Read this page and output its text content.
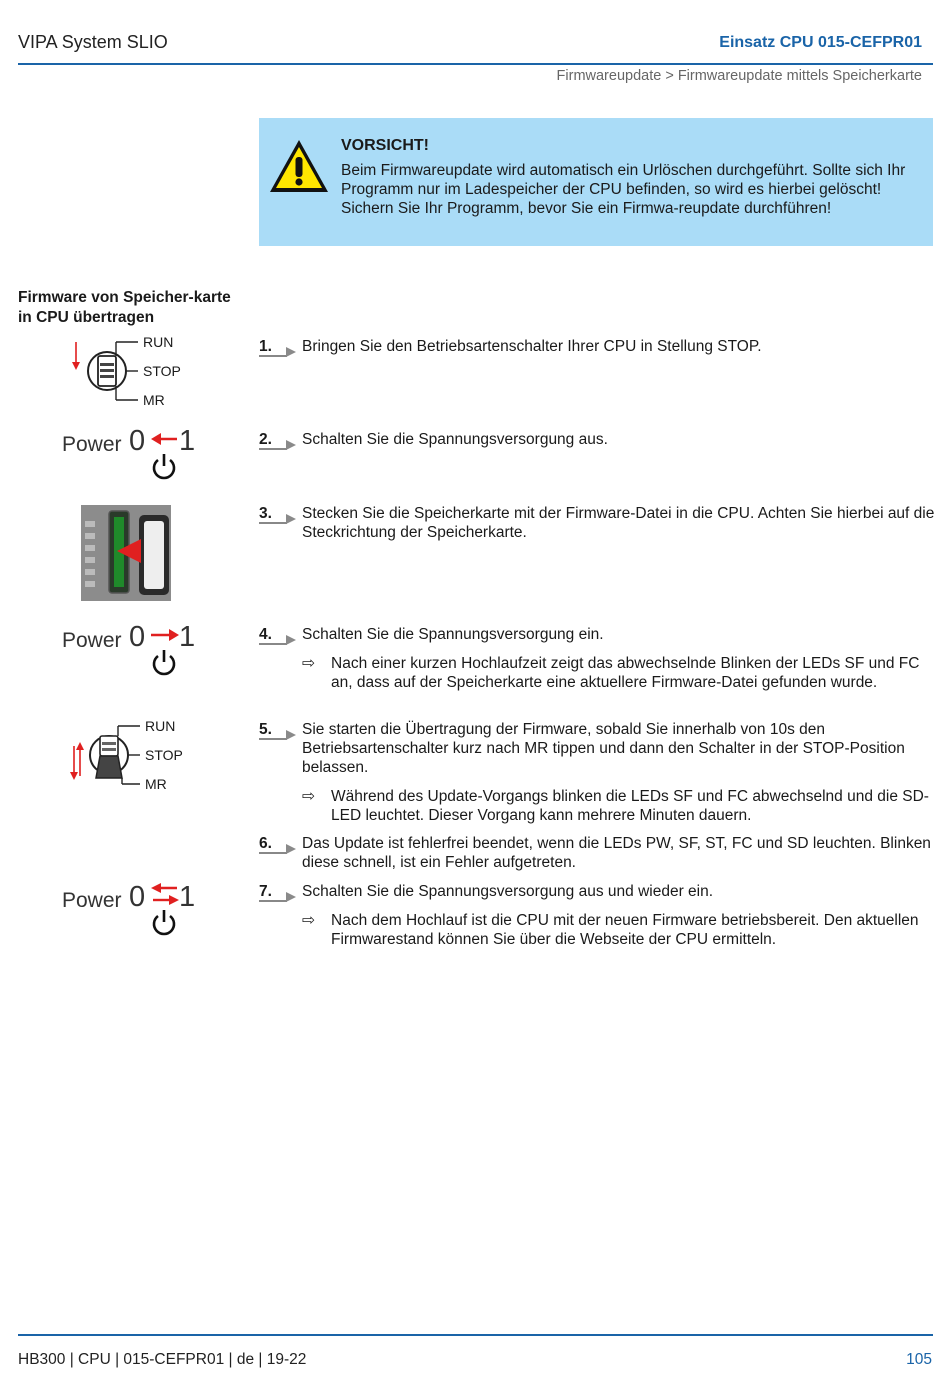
VIPA System SLIO	Einsatz CPU 015-CEFPR01
Firmwareupdate > Firmwareupdate mittels Speicherkarte
VORSICHT!
Beim Firmwareupdate wird automatisch ein Urlöschen durchgeführt. Sollte sich Ihr Programm nur im Ladespeicher der CPU befinden, so wird es hierbei gelöscht! Sichern Sie Ihr Programm, bevor Sie ein Firmwa-reupdate durchführen!
Firmware von Speicher-karte in CPU übertragen
RUN
STOP
MR
Power 0 1
Power 0 1
RUN
STOP
MR
Power 0 1
1.	Bringen Sie den Betriebsartenschalter Ihrer CPU in Stellung STOP.
2.	Schalten Sie die Spannungsversorgung aus.
3.	Stecken Sie die Speicherkarte mit der Firmware-Datei in die CPU. Achten Sie hierbei auf die Steckrichtung der Speicherkarte.
4.	Schalten Sie die Spannungsversorgung ein.
⇨ Nach einer kurzen Hochlaufzeit zeigt das abwechselnde Blinken der LEDs SF und FC an, dass auf der Speicherkarte eine aktuellere Firmware-Datei gefunden wurde.
5.	Sie starten die Übertragung der Firmware, sobald Sie innerhalb von 10s den Betriebsartenschalter kurz nach MR tippen und dann den Schalter in der STOP-Position belassen.
⇨ Während des Update-Vorgangs blinken die LEDs SF und FC abwechselnd und die SD-LED leuchtet. Dieser Vorgang kann mehrere Minuten dauern.
6.	Das Update ist fehlerfrei beendet, wenn die LEDs PW, SF, ST, FC und SD leuchten. Blinken diese schnell, ist ein Fehler aufgetreten.
7.	Schalten Sie die Spannungsversorgung aus und wieder ein.
⇨ Nach dem Hochlauf ist die CPU mit der neuen Firmware betriebsbereit. Den aktuellen Firmwarestand können Sie über die Webseite der CPU ermitteln.
HB300 | CPU | 015-CEFPR01 | de | 19-22	105
